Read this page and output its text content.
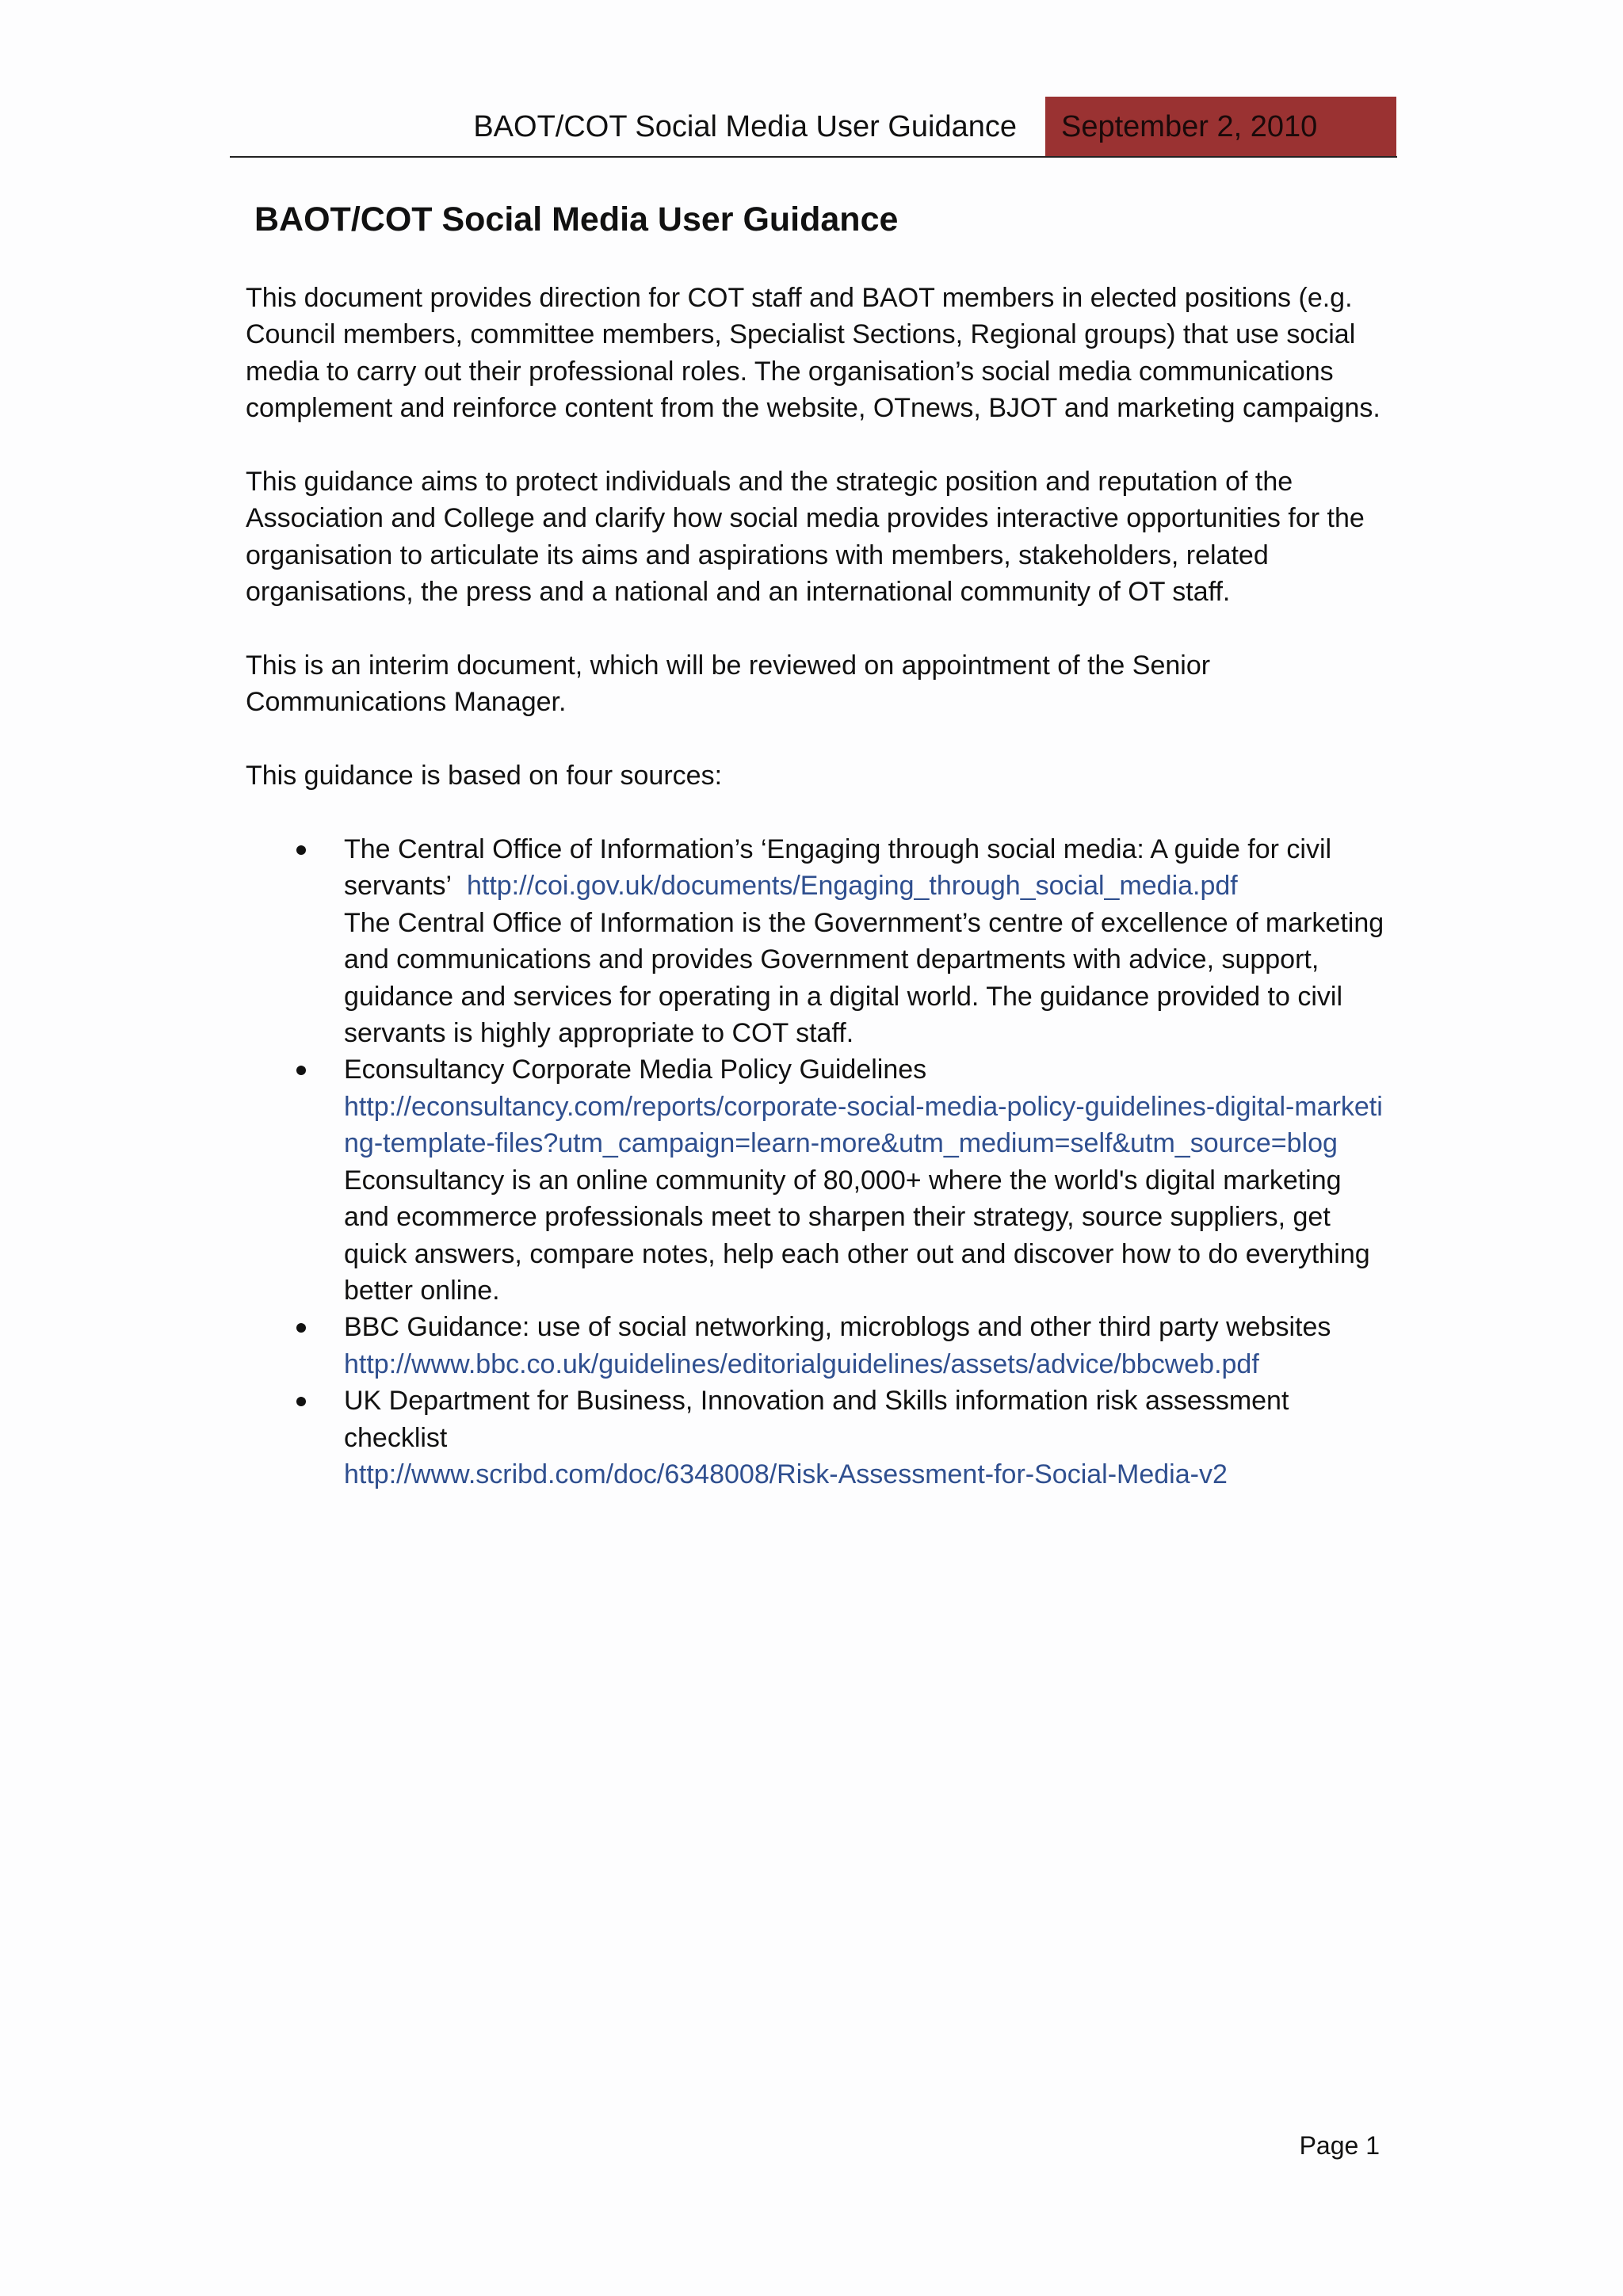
BAOT/COT Social Media User Guidance	September 2, 2010
BAOT/COT Social Media User Guidance

This document provides direction for COT staff and BAOT members in elected positions (e.g. Council members, committee members, Specialist Sections, Regional groups) that use social media to carry out their professional roles. The organisation’s social media communications complement and reinforce content from the website, OTnews, BJOT and marketing campaigns.

This guidance aims to protect individuals and the strategic position and reputation of the Association and College and clarify how social media provides interactive opportunities for the organisation to articulate its aims and aspirations with members, stakeholders, related organisations, the press and a national and an international community of OT staff.

This is an interim document, which will be reviewed on appointment of the Senior Communications Manager.

This guidance is based on four sources:

The Central Office of Information’s ‘Engaging through social media: A guide for civil servants’ http://coi.gov.uk/documents/Engaging_through_social_media.pdf
The Central Office of Information is the Government’s centre of excellence of marketing and communications and provides Government departments with advice, support, guidance and services for operating in a digital world. The guidance provided to civil servants is highly appropriate to COT staff.
Econsultancy Corporate Media Policy Guidelines
http://econsultancy.com/reports/corporate-social-media-policy-guidelines-digital-marketing-template-files?utm_campaign=learn-more&utm_medium=self&utm_source=blog
Econsultancy is an online community of 80,000+ where the world's digital marketing and ecommerce professionals meet to sharpen their strategy, source suppliers, get quick answers, compare notes, help each other out and discover how to do everything better online.
BBC Guidance: use of social networking, microblogs and other third party websites
http://www.bbc.co.uk/guidelines/editorialguidelines/assets/advice/bbcweb.pdf
UK Department for Business, Innovation and Skills information risk assessment checklist
http://www.scribd.com/doc/6348008/Risk-Assessment-for-Social-Media-v2
Page 1
